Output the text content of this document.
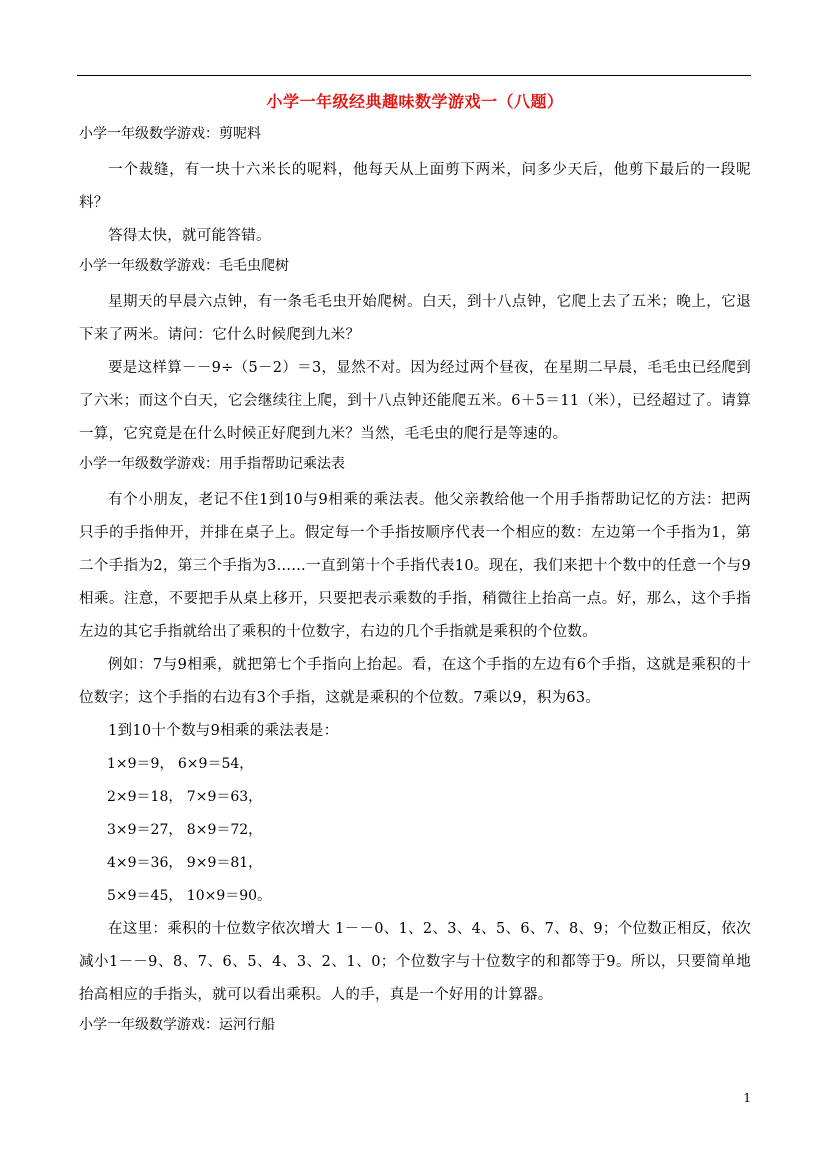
小学一年级经典趣味数学游戏一（八题）

小学一年级数学游戏：剪呢料

一个裁缝，有一块十六米长的呢料，他每天从上面剪下两米，问多少天后，他剪下最后的一段呢料？

答得太快，就可能答错。

小学一年级数学游戏：毛毛虫爬树

星期天的早晨六点钟，有一条毛毛虫开始爬树。白天，到十八点钟，它爬上去了五米；晚上，它退下来了两米。请问：它什么时候爬到九米？

要是这样算－－9÷（5－2）＝3，显然不对。因为经过两个昼夜，在星期二早晨，毛毛虫已经爬到了六米；而这个白天，它会继续往上爬，到十八点钟还能爬五米。6＋5＝11（米），已经超过了。请算一算，它究竟是在什么时候正好爬到九米？当然，毛毛虫的爬行是等速的。

小学一年级数学游戏：用手指帮助记乘法表

有个小朋友，老记不住1到10与9相乘的乘法表。他父亲教给他一个用手指帮助记忆的方法：把两只手的手指伸开，并排在桌子上。假定每一个手指按顺序代表一个相应的数：左边第一个手指为1，第二个手指为2，第三个手指为3……一直到第十个手指代表10。现在，我们来把十个数中的任意一个与9相乘。注意，不要把手从桌上移开，只要把表示乘数的手指，稍微往上抬高一点。好，那么，这个手指左边的其它手指就给出了乘积的十位数字，右边的几个手指就是乘积的个位数。

例如：7与9相乘，就把第七个手指向上抬起。看，在这个手指的左边有6个手指，这就是乘积的十位数字；这个手指的右边有3个手指，这就是乘积的个位数。7乘以9，积为63。

1到10十个数与9相乘的乘法表是：

1×9＝9， 6×9＝54，

2×9＝18， 7×9＝63，

3×9＝27， 8×9＝72，

4×9＝36， 9×9＝81，

5×9＝45， 10×9＝90。

在这里：乘积的十位数字依次增大 1－－0、1、2、3、4、5、6、7、8、9；个位数正相反，依次减小1－－9、8、7、6、5、4、3、2、1、0；个位数字与十位数字的和都等于9。所以，只要简单地抬高相应的手指头，就可以看出乘积。人的手，真是一个好用的计算器。

小学一年级数学游戏：运河行船

1
